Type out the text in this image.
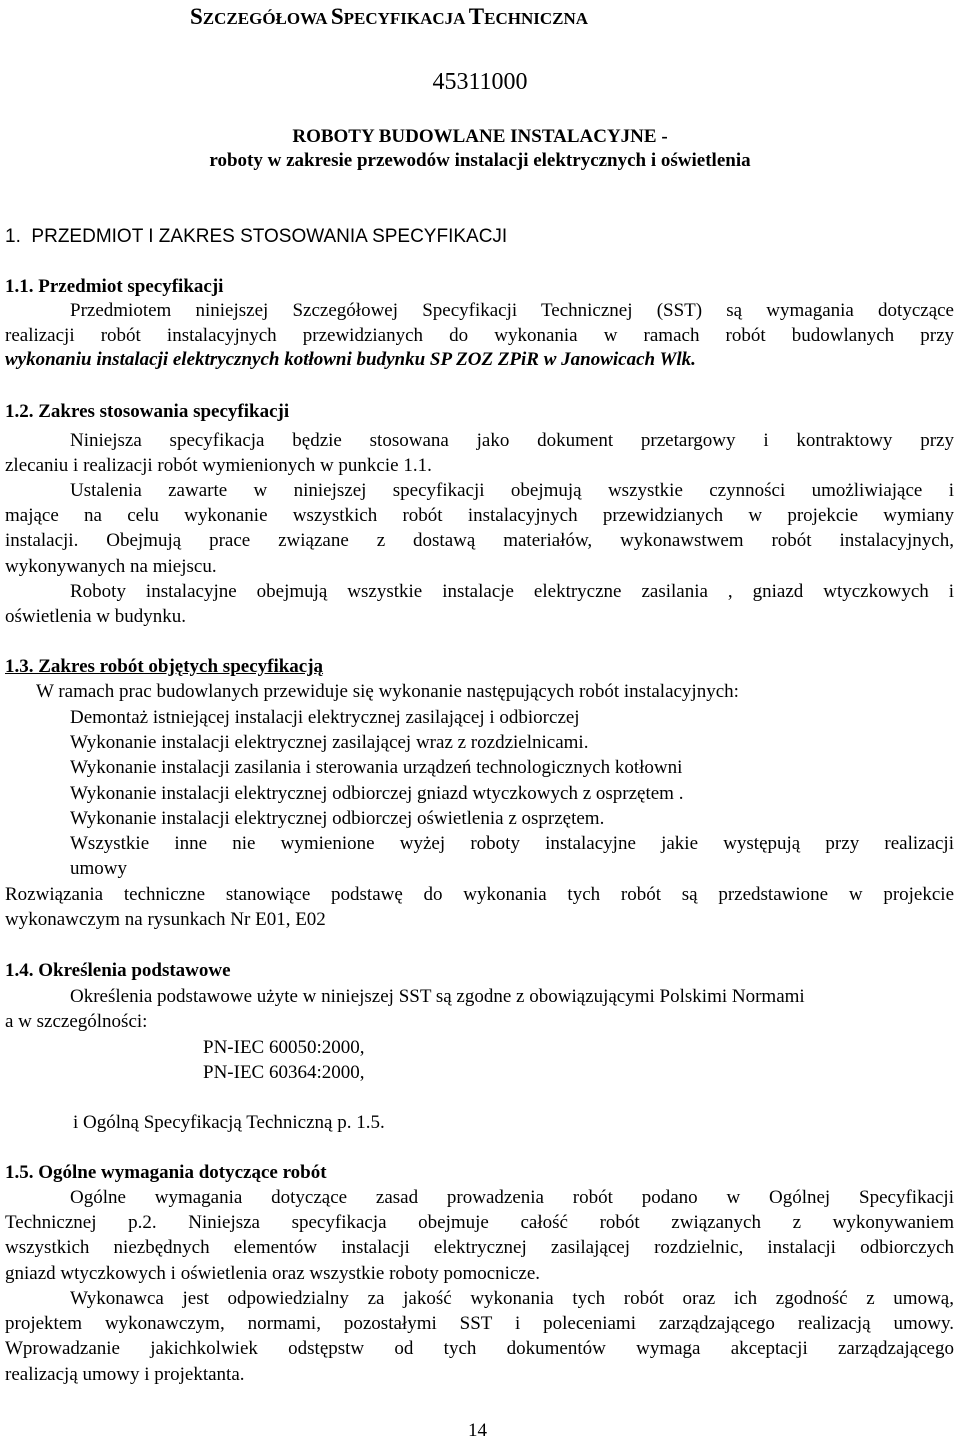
SZCZEGÓŁOWA SPECYFIKACJA TECHNICZNA
45311000
ROBOTY BUDOWLANE INSTALACYJNE -
roboty w zakresie przewodów instalacji elektrycznych i oświetlenia
1. PRZEDMIOT I ZAKRES STOSOWANIA SPECYFIKACJI
1.1. Przedmiot specyfikacji
Przedmiotem niniejszej Szczegółowej Specyfikacji Technicznej (SST) są wymagania dotyczące
realizacji robót instalacyjnych przewidzianych do wykonania w ramach robót budowlanych przy
wykonaniu instalacji elektrycznych kotłowni budynku SP ZOZ ZPiR w Janowicach Wlk.
1.2. Zakres stosowania specyfikacji
Niniejsza specyfikacja będzie stosowana jako dokument przetargowy i kontraktowy przy
zlecaniu i realizacji robót wymienionych w punkcie 1.1.
Ustalenia zawarte w niniejszej specyfikacji obejmują wszystkie czynności umożliwiające i
mające na celu wykonanie wszystkich robót instalacyjnych przewidzianych w projekcie wymiany
instalacji. Obejmują prace związane z dostawą materiałów, wykonawstwem robót instalacyjnych,
wykonywanych na miejscu.
Roboty instalacyjne obejmują wszystkie instalacje elektryczne zasilania , gniazd wtyczkowych i
oświetlenia w budynku.
1.3. Zakres robót objętych specyfikacją
W ramach prac budowlanych przewiduje się wykonanie następujących robót instalacyjnych:
Demontaż istniejącej instalacji elektrycznej zasilającej i odbiorczej
Wykonanie instalacji elektrycznej zasilającej wraz z rozdzielnicami.
Wykonanie instalacji zasilania i sterowania urządzeń technologicznych kotłowni
Wykonanie instalacji elektrycznej odbiorczej gniazd wtyczkowych z osprzętem .
Wykonanie instalacji elektrycznej odbiorczej oświetlenia z osprzętem.
Wszystkie inne nie wymienione wyżej roboty instalacyjne jakie występują przy realizacji
umowy
Rozwiązania techniczne stanowiące podstawę do wykonania tych robót są przedstawione w projekcie
wykonawczym na rysunkach Nr E01, E02
1.4. Określenia podstawowe
Określenia podstawowe użyte w niniejszej SST są zgodne z obowiązującymi Polskimi Normami
a w szczególności:
PN-IEC 60050:2000,
PN-IEC 60364:2000,
i Ogólną Specyfikacją Techniczną p. 1.5.
1.5. Ogólne wymagania dotyczące robót
Ogólne wymagania dotyczące zasad prowadzenia robót podano w Ogólnej Specyfikacji
Technicznej p.2. Niniejsza specyfikacja obejmuje całość robót związanych z wykonywaniem
wszystkich niezbędnych elementów instalacji elektrycznej zasilającej rozdzielnic, instalacji odbiorczych
gniazd wtyczkowych i oświetlenia oraz wszystkie roboty pomocnicze.
Wykonawca jest odpowiedzialny za jakość wykonania tych robót oraz ich zgodność z umową,
projektem wykonawczym, normami, pozostałymi SST i poleceniami zarządzającego realizacją umowy.
Wprowadzanie jakichkolwiek odstępstw od tych dokumentów wymaga akceptacji zarządzającego
realizacją umowy i projektanta.
14
